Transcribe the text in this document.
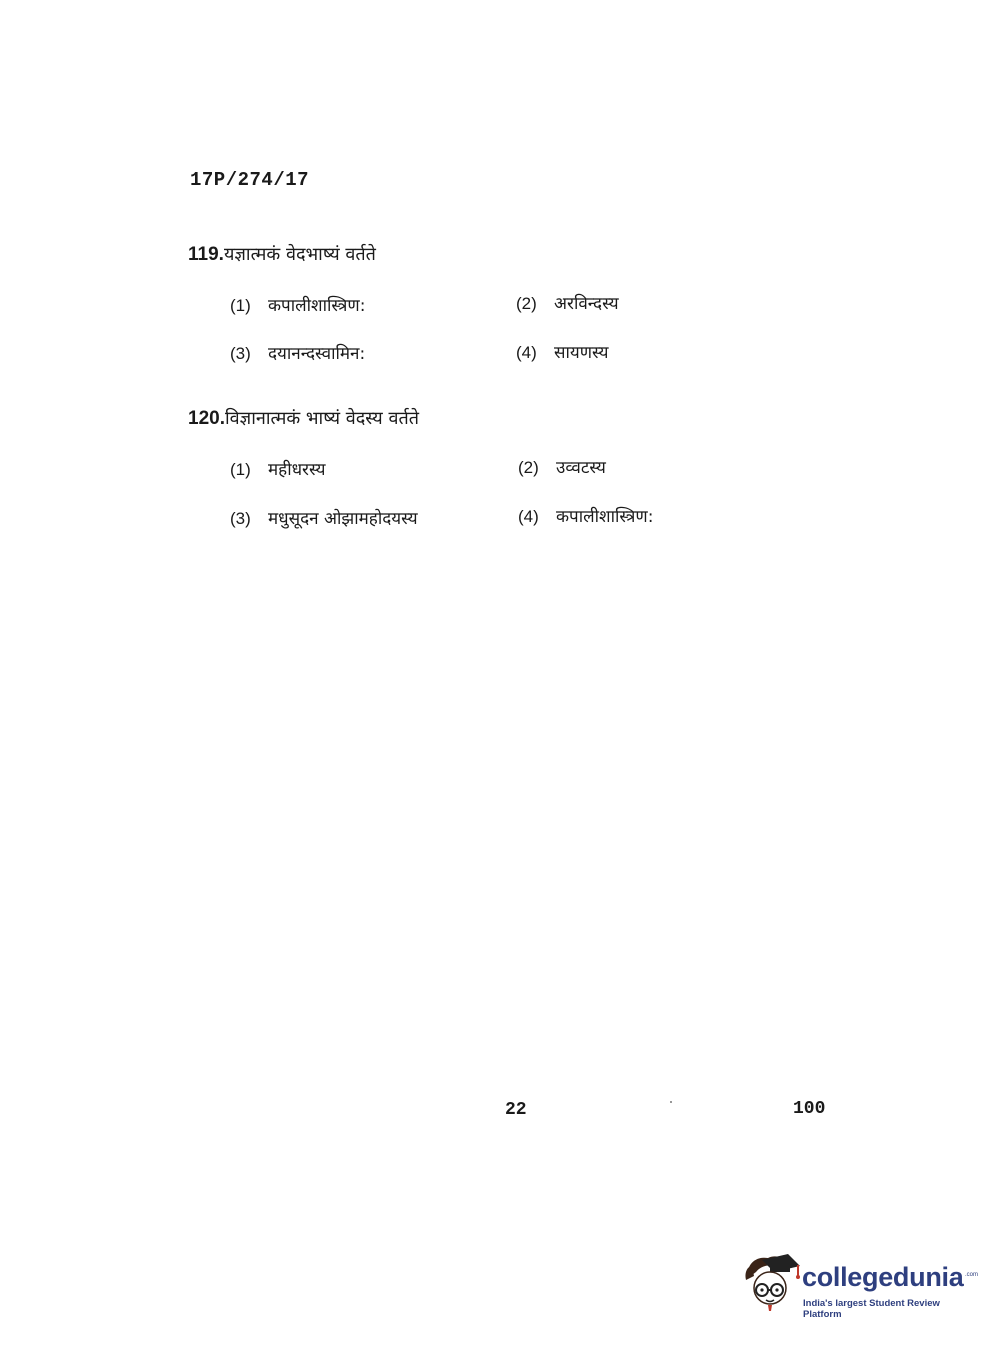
17P/274/17
119.यज्ञात्मकं वेदभाष्यं वर्तते
(1) कपालीशास्त्रिण:	(2) अरविन्दस्य
(3) दयानन्दस्वामिन:	(4) सायणस्य
120.विज्ञानात्मकं भाष्यं वेदस्य वर्तते
(1) महीधरस्य	(2) उव्वटस्य
(3) मधुसूदन ओझामहोदयस्य	(4) कपालीशास्त्रिण:
22	100
collegedunia .com
India's largest Student Review Platform
